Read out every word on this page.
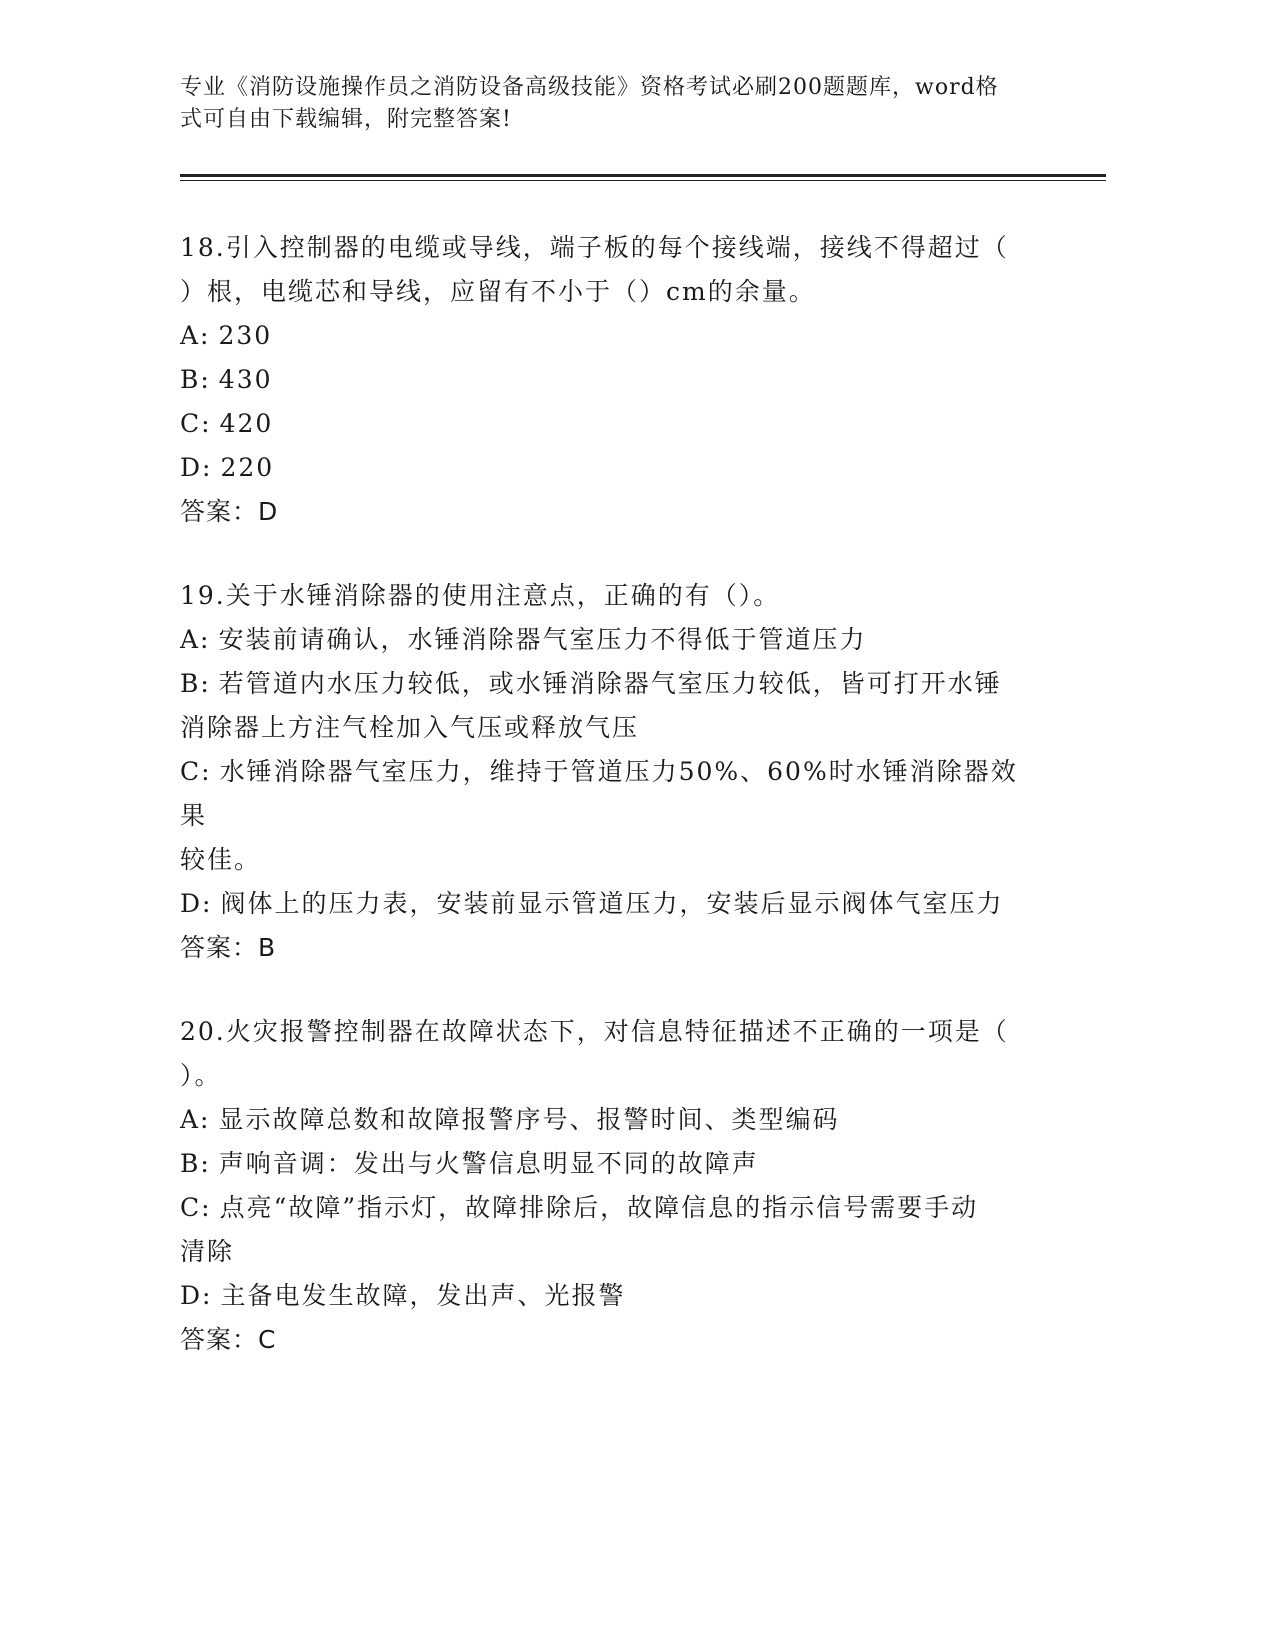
专业《消防设施操作员之消防设备高级技能》资格考试必刷200题题库，word格
式可自由下载编辑，附完整答案!

18.引入控制器的电缆或导线，端子板的每个接线端，接线不得超过（

）根，电缆芯和导线，应留有不小于（）cm的余量。

A: 230

B: 430

C: 420

D: 220

答案：D

19.关于水锤消除器的使用注意点，正确的有（）。

A: 安装前请确认，水锤消除器气室压力不得低于管道压力

B: 若管道内水压力较低，或水锤消除器气室压力较低，皆可打开水锤

消除器上方注气栓加入气压或释放气压

C: 水锤消除器气室压力，维持于管道压力50%、60%时水锤消除器效果

较佳。

D: 阀体上的压力表，安装前显示管道压力，安装后显示阀体气室压力

答案：B

20.火灾报警控制器在故障状态下，对信息特征描述不正确的一项是（

）。

A: 显示故障总数和故障报警序号、报警时间、类型编码

B: 声响音调：发出与火警信息明显不同的故障声

C: 点亮“故障”指示灯，故障排除后，故障信息的指示信号需要手动

清除

D: 主备电发生故障，发出声、光报警

答案：C
